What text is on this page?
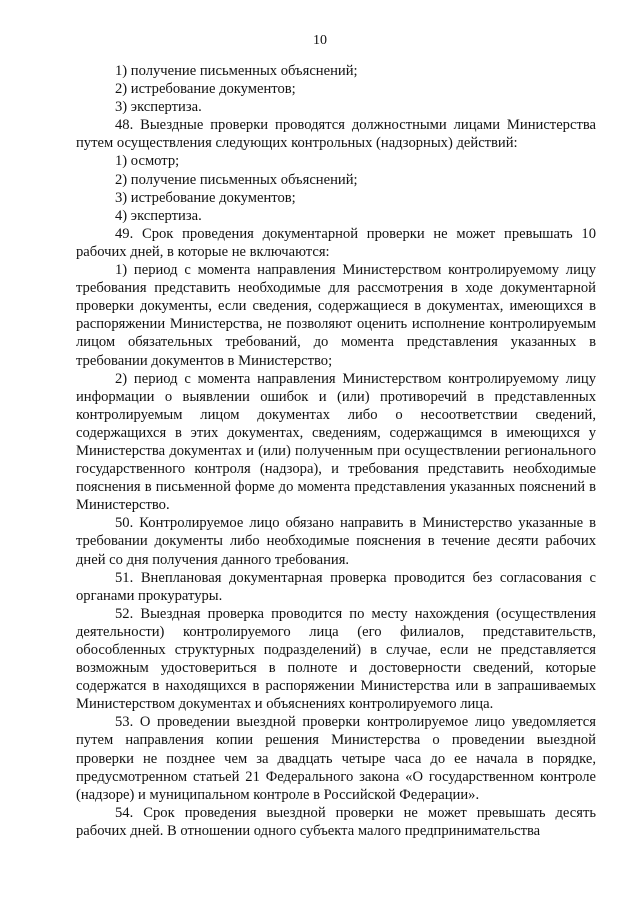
10

1) получение письменных объяснений;

2) истребование документов;

3) экспертиза.

48. Выездные проверки проводятся должностными лицами Министерства путем осуществления следующих контрольных (надзорных) действий:

1) осмотр;

2) получение письменных объяснений;

3) истребование документов;

4) экспертиза.

49. Срок проведения документарной проверки не может превышать 10 рабочих дней, в которые не включаются:

1) период с момента направления Министерством контролируемому лицу требования представить необходимые для рассмотрения в ходе документарной проверки документы, если сведения, содержащиеся в документах, имеющихся в распоряжении Министерства, не позволяют оценить исполнение контролируемым лицом обязательных требований, до момента представления указанных в требовании документов в Министерство;

2) период с момента направления Министерством контролируемому лицу информации о выявлении ошибок и (или) противоречий в представленных контролируемым лицом документах либо о несоответствии сведений, содержащихся в этих документах, сведениям, содержащимся в имеющихся у Министерства документах и (или) полученным при осуществлении регионального государственного контроля (надзора), и требования представить необходимые пояснения в письменной форме до момента представления указанных пояснений в Министерство.

50. Контролируемое лицо обязано направить в Министерство указанные в требовании документы либо необходимые пояснения в течение десяти рабочих дней со дня получения данного требования.

51. Внеплановая документарная проверка проводится без согласования с органами прокуратуры.

52. Выездная проверка проводится по месту нахождения (осуществления деятельности) контролируемого лица (его филиалов, представительств, обособленных структурных подразделений) в случае, если не представляется возможным удостовериться в полноте и достоверности сведений, которые содержатся в находящихся в распоряжении Министерства или в запрашиваемых Министерством документах и объяснениях контролируемого лица.

53. О проведении выездной проверки контролируемое лицо уведомляется путем направления копии решения Министерства о проведении выездной проверки не позднее чем за двадцать четыре часа до ее начала в порядке, предусмотренном статьей 21 Федерального закона «О государственном контроле (надзоре) и муниципальном контроле в Российской Федерации».

54. Срок проведения выездной проверки не может превышать десять рабочих дней. В отношении одного субъекта малого предпринимательства
